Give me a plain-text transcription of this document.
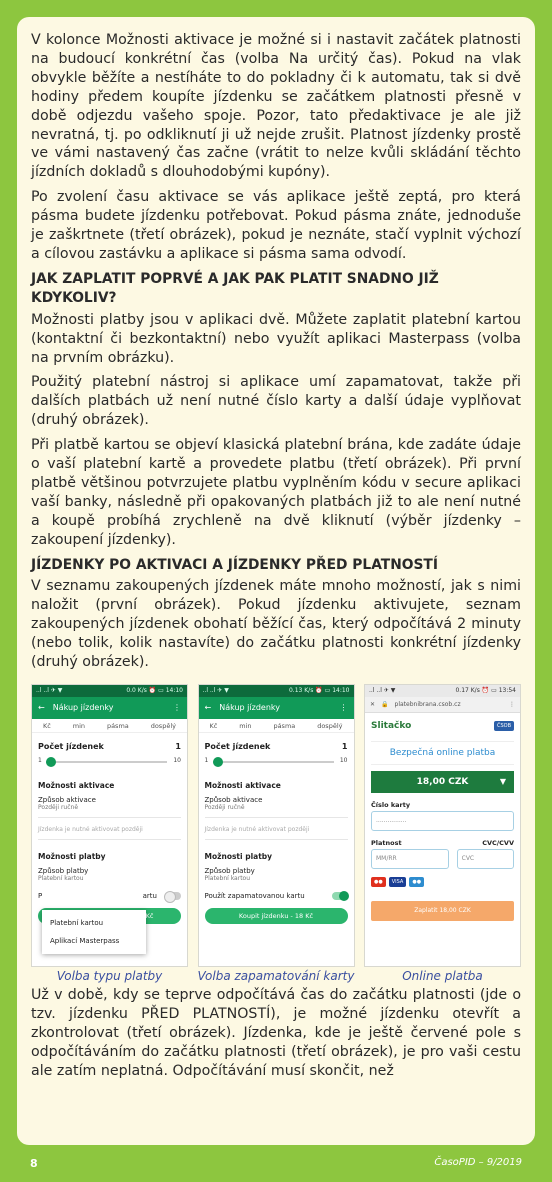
V kolonce Možnosti aktivace je možné si i nastavit začátek platnosti na budoucí konkrétní čas (volba Na určitý čas). Pokud na vlak obvykle běžíte a nestíháte to do pokladny či k automatu, tak si dvě hodiny předem koupíte jízdenku se začátkem platnosti přesně v době odjezdu vašeho spoje. Pozor, tato předaktivace je ale již nevratná, tj. po odkliknutí ji už nejde zrušit. Platnost jízdenky prostě ve vámi nastavený čas začne (vrátit to nelze kvůli skládání těchto jízdních dokladů s dlouhodobými kupóny).

Po zvolení času aktivace se vás aplikace ještě zeptá, pro která pásma budete jízdenku potřebovat. Pokud pásma znáte, jednoduše je zaškrtnete (třetí obrázek), pokud je neznáte, stačí vyplnit výchozí a cílovou zastávku a aplikace si pásma sama odvodí.

JAK ZAPLATIT POPRVÉ A JAK PAK PLATIT SNADNO JIŽ KDYKOLIV?

Možnosti platby jsou v aplikaci dvě. Můžete zaplatit platební kartou (kontaktní či bezkontaktní) nebo využít aplikaci Masterpass (volba na prvním obrázku).

Použitý platební nástroj si aplikace umí zapamatovat, takže při dalších platbách už není nutné číslo karty a další údaje vyplňovat (druhý obrázek).

Při platbě kartou se objeví klasická platební brána, kde zadáte údaje o vaší platební kartě a provedete platbu (třetí obrázek). Při první platbě většinou potvrzujete platbu vyplněním kódu v secure aplikaci vaší banky, následně při opakovaných platbách již to ale není nutné a koupě probíhá zrychleně na dvě kliknutí (výběr jízdenky – zakoupení jízdenky).

JÍZDENKY PO AKTIVACI A JÍZDENKY PŘED PLATNOSTÍ

V seznamu zakoupených jízdenek máte mnoho možností, jak s nimi naložit (první obrázek). Pokud jízdenku aktivujete, seznam zakoupených jízdenek obohatí běžící čas, který odpočítává 2 minuty (nebo tolik, kolik nastavíte) do začátku platnosti konkrétní jízdenky (druhý obrázek).

..l ..l ✈ ▼	0.0 K/s ⏰ ▭ 14:10
← Nákup jízdenky	⋮
Kč	min	pásma	dospělý
Počet jízdenek	1
1	10
Možnosti aktivace
Způsob aktivace
Později ručně
Jízdenka je nutné aktivovat později
Možnosti platby
Způsob platby
Platební kartou
P	artu
Kč
Platební kartou
Aplikací Masterpass
Volba typu platby
..l ..l ✈ ▼	0.13 K/s ⏰ ▭ 14:10
← Nákup jízdenky	⋮
Kč	min	pásma	dospělý
Počet jízdenek	1
1	10
Možnosti aktivace
Způsob aktivace
Později ručně
Jízdenka je nutné aktivovat později
Možnosti platby
Způsob platby
Platební kartou
Použít zapamatovanou kartu
Koupit jízdenku - 18 Kč
Volba zapamatování karty
..l ..l ✈ ▼	0.17 K/s ⏰ ▭ 13:54
✕ 🔒 platebnibrana.csob.cz	⋮
Slitačko	ČSOB
Bezpečná online platba
18,00 CZK	▼
Číslo karty
................
Platnost	CVC/CVV
MM/RR	CVC
●●	VISA	●●
Zaplatit 18,00 CZK
Online platba

Už v době, kdy se teprve odpočítává čas do začátku platnosti (jde o tzv. jízdenku PŘED PLATNOSTÍ), je možné jízdenku otevřít a zkontrolovat (třetí obrázek). Jízdenka, kde je ještě červené pole s odpočítáváním do začátku platnosti (třetí obrázek), je pro vaši cestu ale zatím neplatná. Odpočítávání musí skončit, než

8	ČasoPID – 9/2019
